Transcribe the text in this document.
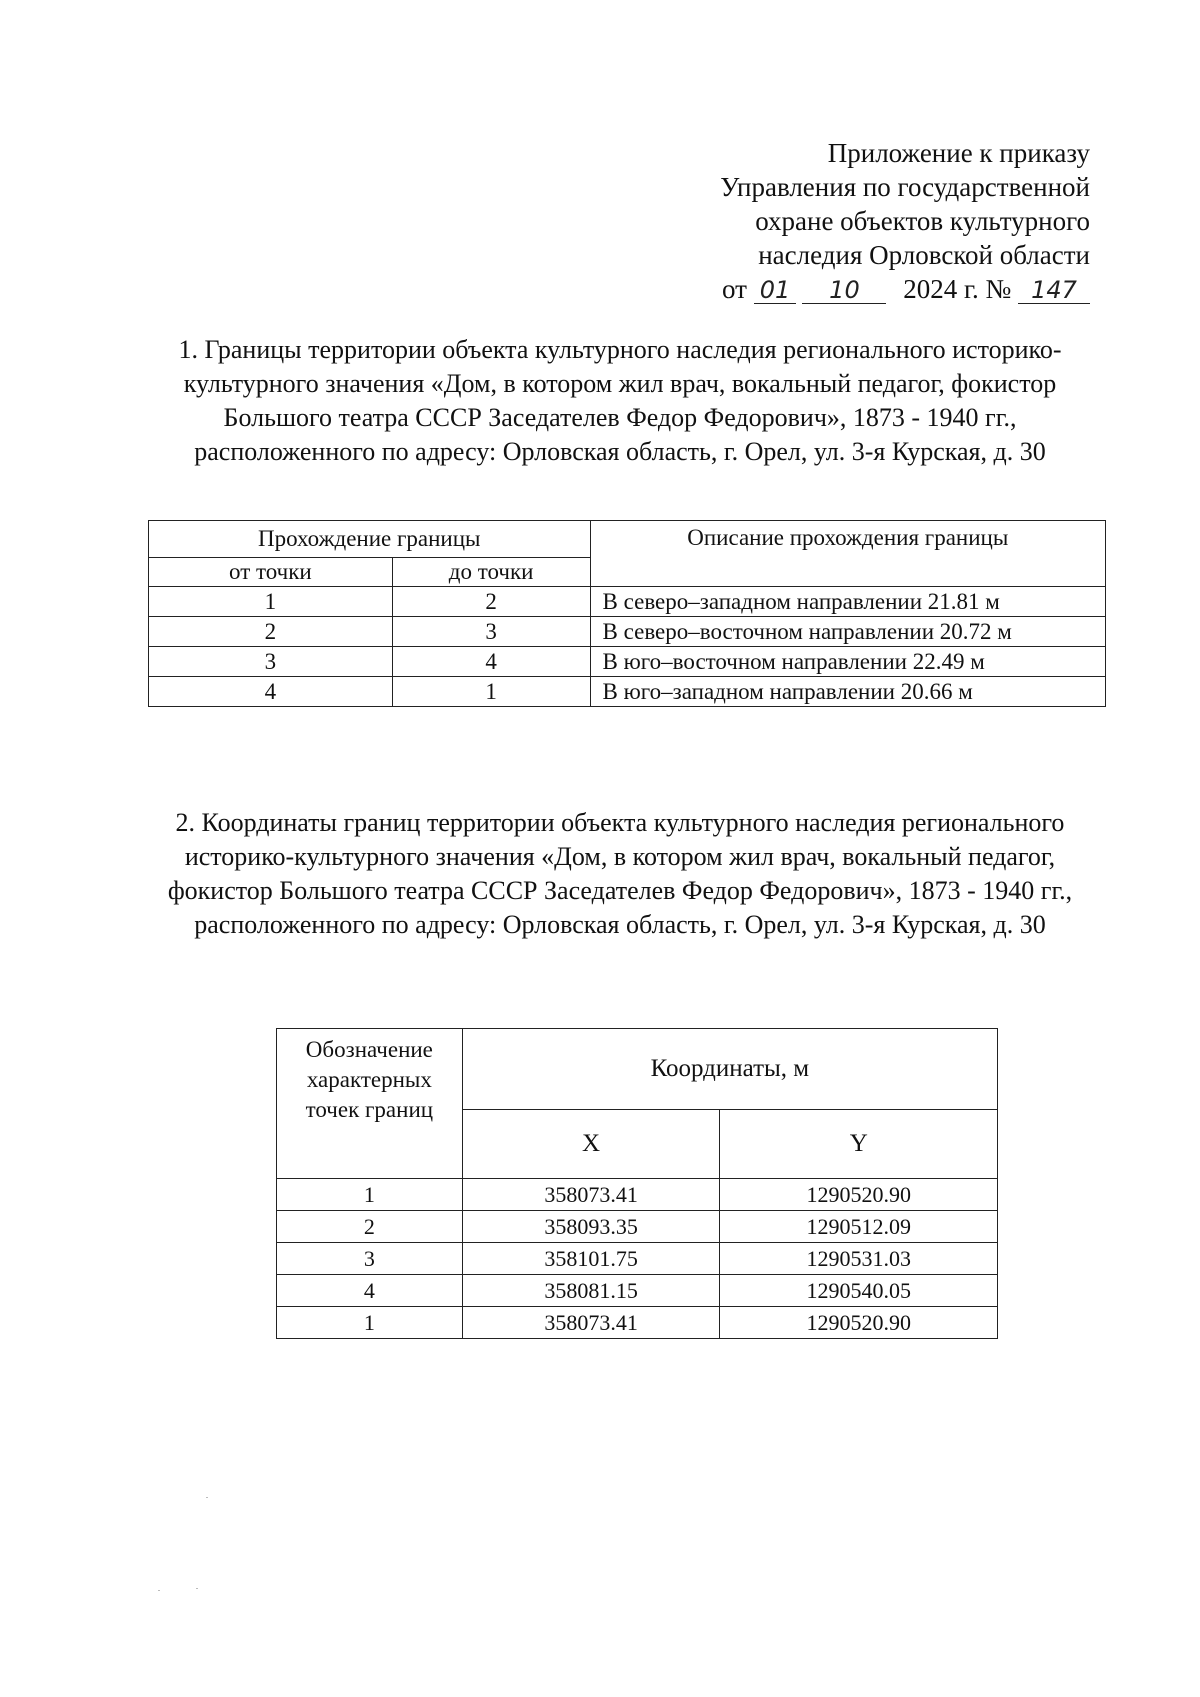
Приложение к приказу
Управления по государственной
охране объектов культурного
наследия Орловской области
от 01 10 2024 г. № 147
1. Границы территории объекта культурного наследия регионального историко-культурного значения «Дом, в котором жил врач, вокальный педагог, фокистор Большого театра СССР Заседателев Федор Федорович», 1873 - 1940 гг., расположенного по адресу: Орловская область, г. Орел, ул. 3-я Курская, д. 30
Прохождение границы		Описание прохождения границы
от точки	до точки	
1	2	В северо–западном направлении 21.81 м
2	3	В северо–восточном направлении 20.72 м
3	4	В юго–восточном направлении 22.49 м
4	1	В юго–западном направлении 20.66 м
2. Координаты границ территории объекта культурного наследия регионального историко-культурного значения «Дом, в котором жил врач, вокальный педагог, фокистор Большого театра СССР Заседателев Федор Федорович», 1873 - 1940 гг., расположенного по адресу: Орловская область, г. Орел, ул. 3-я Курская, д. 30
Обозначение характерных точек границ	Координаты, м	
	X	Y
1	358073.41	1290520.90
2	358093.35	1290512.09
3	358101.75	1290531.03
4	358081.15	1290540.05
1	358073.41	1290520.90
